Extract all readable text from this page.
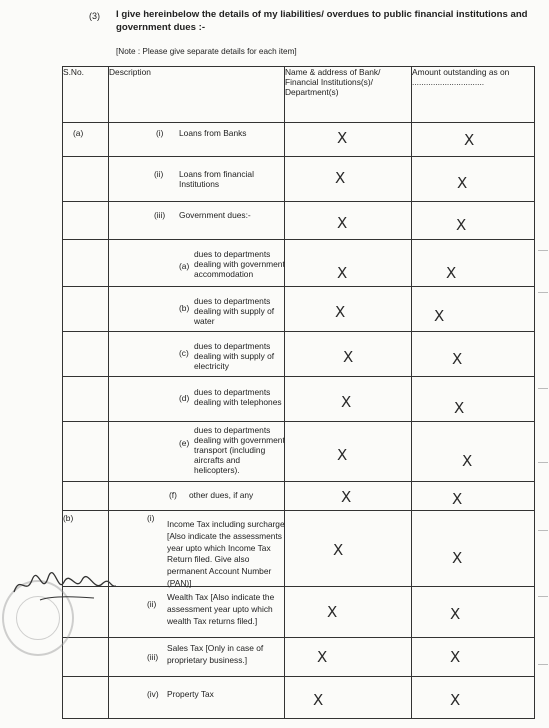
(3) I give hereinbelow the details of my liabilities/ overdues to public financial institutions and government dues :-
[Note : Please give separate details for each item]
S.No.	Description	Name & address of Bank/ Financial Institutions(s)/ Department(s)	Amount outstanding as on ...............................

(a)	(i) Loans from Banks	X	X

	(ii) Loans from financial Institutions	X	X

	(iii) Government dues:-	X	X

	(a)
dues to departments dealing with government accommodation	X	X

	(b)
dues to departments dealing with supply of water	X	X

	(c)
dues to departments dealing with supply of electricity	X	X

	(d)
dues to departments dealing with telephones	X	X

	(e)
dues to departments dealing with government transport (including aircrafts and helicopters).	X	X

	(f) other dues, if any	X	X

(b)	(i)
Income Tax including surcharge [Also indicate the assessments year upto which Income Tax Return filed. Give also permanent Account Number (PAN)]	X	X

	(ii)
Wealth Tax [Also indicate the assessment year upto which wealth Tax returns filed.]	X	X

	(iii)
Sales Tax [Only in case of proprietary business.]	X	X

	(iv) Property Tax	X	X
